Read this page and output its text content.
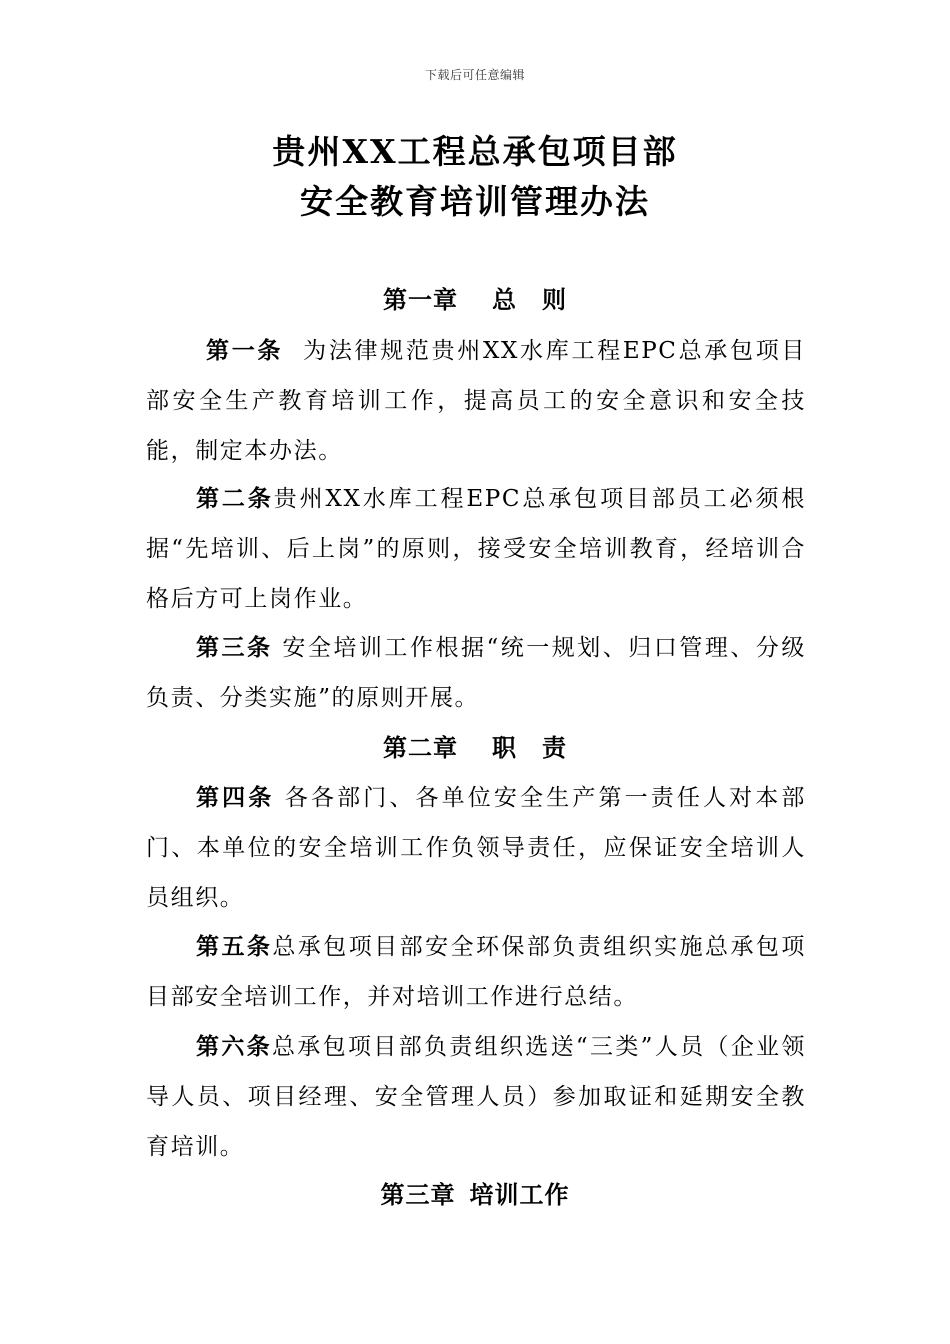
下载后可任意编辑
贵州XX工程总承包项目部
安全教育培训管理办法
第一章 总　则
第一条 为法律规范贵州XX水库工程EPC总承包项目部安全生产教育培训工作，提高员工的安全意识和安全技能，制定本办法。
第二条贵州XX水库工程EPC总承包项目部员工必须根据“先培训、后上岗”的原则，接受安全培训教育，经培训合格后方可上岗作业。
第三条 安全培训工作根据“统一规划、归口管理、分级负责、分类实施”的原则开展。
第二章 职　责
第四条 各各部门、各单位安全生产第一责任人对本部门、本单位的安全培训工作负领导责任，应保证安全培训人员组织。
第五条总承包项目部安全环保部负责组织实施总承包项目部安全培训工作，并对培训工作进行总结。
第六条总承包项目部负责组织选送“三类”人员（企业领导人员、项目经理、安全管理人员）参加取证和延期安全教育培训。
第三章 培训工作
